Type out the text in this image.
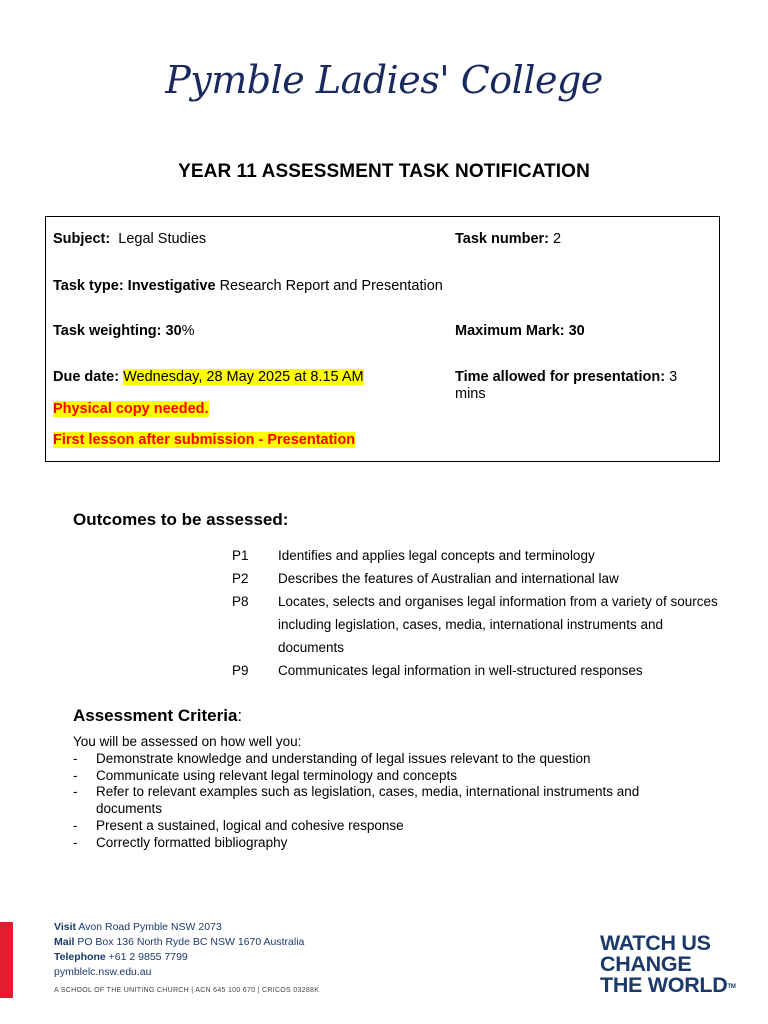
Pymble Ladies' College
YEAR 11 ASSESSMENT TASK NOTIFICATION
Subject: Legal Studies	Task number: 2
Task type: Investigative Research Report and Presentation
Task weighting: 30%	Maximum Mark: 30
Due date: Wednesday, 28 May 2025 at 8.15 AM	Time allowed for presentation: 3 mins
Physical copy needed.
First lesson after submission - Presentation
Outcomes to be assessed:
P1	Identifies and applies legal concepts and terminology
P2	Describes the features of Australian and international law
P8	Locates, selects and organises legal information from a variety of sources including legislation, cases, media, international instruments and documents
P9	Communicates legal information in well-structured responses
Assessment Criteria:
You will be assessed on how well you:
-	Demonstrate knowledge and understanding of legal issues relevant to the question
-	Communicate using relevant legal terminology and concepts
-	Refer to relevant examples such as legislation, cases, media, international instruments and documents
-	Present a sustained, logical and cohesive response
-	Correctly formatted bibliography
Visit Avon Road Pymble NSW 2073
Mail PO Box 136 North Ryde BC NSW 1670 Australia
Telephone +61 2 9855 7799
pymblelc.nsw.edu.au
A SCHOOL OF THE UNITING CHURCH | ACN 645 100 670 | CRICOS 03288K
WATCH US
CHANGE
THE WORLD™
